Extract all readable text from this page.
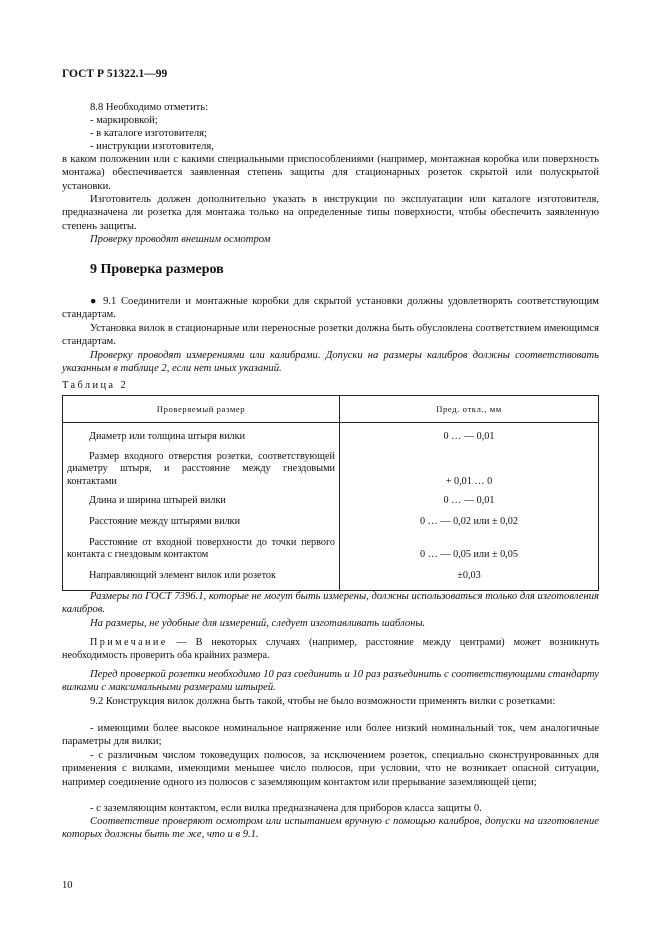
ГОСТ Р 51322.1—99

8.8 Необходимо отметить:

- маркировкой;

- в каталоге изготовителя;

- инструкции изготовителя,

в каком положении или с какими специальными приспособлениями (например, монтажная коробка или поверхность монтажа) обеспечивается заявленная степень защиты для стационарных розеток скрытой или полускрытой установки.

Изготовитель должен дополнительно указать в инструкции по эксплуатации или каталоге изготовителя, предназначена ли розетка для монтажа только на определенные типы поверхности, чтобы обеспечить заявленную степень защиты.

Проверку проводят внешним осмотром

9 Проверка размеров

● 9.1 Соединители и монтажные коробки для скрытой установки должны удовлетворять соответствующим стандартам.

Установка вилок в стационарные или переносные розетки должна быть обусловлена соответствием имеющимся стандартам.

Проверку проводят измерениями или калибрами. Допуски на размеры калибров должны соответствовать указанным в таблице 2, если нет иных указаний.

Таблица 2
Проверяемый размер	Пред. откл., мм

Диаметр или толщина штыря вилки	0 … — 0,01

Размер входного отверстия розетки, соответствующей диаметру штыря, и расстояние между гнездовыми контактами	+ 0,01 … 0

Длина и ширина штырей вилки	0 … — 0,01

Расстояние между штырями вилки	0 … — 0,02 или ± 0,02

Расстояние от входной поверхности до точки первого контакта с гнездовым контактом	0 … — 0,05 или ± 0,05

Направляющий элемент вилок или розеток	±0,03

Размеры по ГОСТ 7396.1, которые не могут быть измерены, должны использоваться только для изготовления калибров.

На размеры, не удобные для измерений, следует изготавливать шаблоны.

Примечание — В некоторых случаях (например, расстояние между центрами) может возникнуть необходимость проверить оба крайних размера.

Перед проверкой розетки необходимо 10 раз соединить и 10 раз разъединить с соответствующими стандарту вилками с максимальными размерами штырей.

9.2 Конструкция вилок должна быть такой, чтобы не было возможности применять вилки с розетками:

- имеющими более высокое номинальное напряжение или более низкий номинальный ток, чем аналогичные параметры для вилки;

- с различным числом токоведущих полюсов, за исключением розеток, специально сконструированных для применения с вилками, имеющими меньшее число полюсов, при условии, что не возникает опасной ситуации, например соединение одного из полюсов с заземляющим контактом или прерывание заземляющей цепи;

- с заземляющим контактом, если вилка предназначена для приборов класса защиты 0.

Соответствие проверяют осмотром или испытанием вручную с помощью калибров, допуски на изготовление которых должны быть те же, что и в 9.1.

10
